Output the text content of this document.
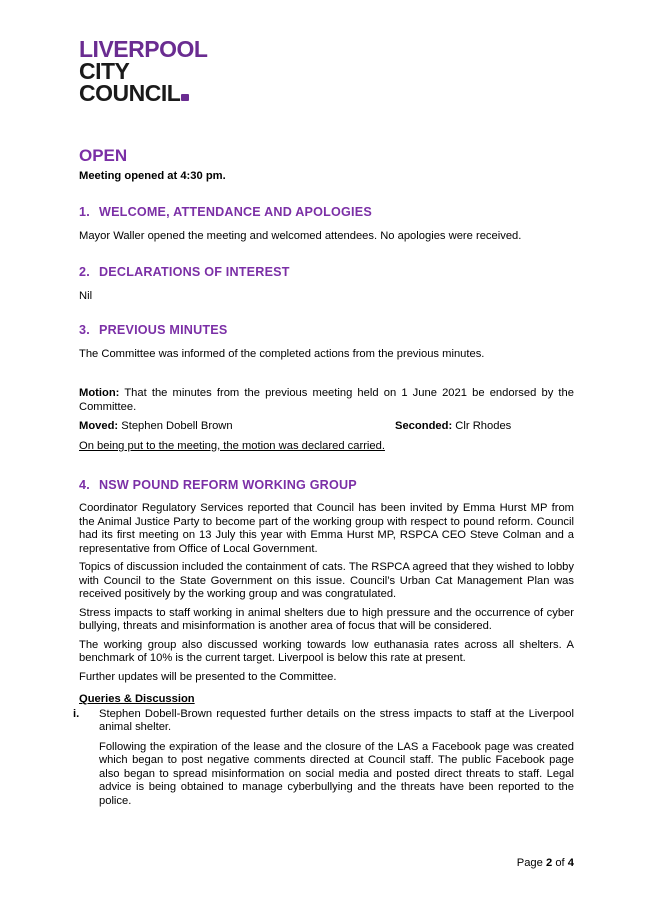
LIVERPOOL
CITY
COUNCIL
OPEN

Meeting opened at 4:30 pm.

1. WELCOME, ATTENDANCE AND APOLOGIES

Mayor Waller opened the meeting and welcomed attendees. No apologies were received.

2. DECLARATIONS OF INTEREST

Nil

3. PREVIOUS MINUTES

The Committee was informed of the completed actions from the previous minutes.

Motion: That the minutes from the previous meeting held on 1 June 2021 be endorsed by the Committee.

Moved: Stephen Dobell Brown	Seconded: Clr Rhodes

On being put to the meeting, the motion was declared carried.

4. NSW POUND REFORM WORKING GROUP

Coordinator Regulatory Services reported that Council has been invited by Emma Hurst MP from the Animal Justice Party to become part of the working group with respect to pound reform. Council had its first meeting on 13 July this year with Emma Hurst MP, RSPCA CEO Steve Colman and a representative from Office of Local Government.

Topics of discussion included the containment of cats. The RSPCA agreed that they wished to lobby with Council to the State Government on this issue. Council’s Urban Cat Management Plan was received positively by the working group and was congratulated.

Stress impacts to staff working in animal shelters due to high pressure and the occurrence of cyber bullying, threats and misinformation is another area of focus that will be considered.

The working group also discussed working towards low euthanasia rates across all shelters. A benchmark of 10% is the current target. Liverpool is below this rate at present.

Further updates will be presented to the Committee.

Queries & Discussion

i. Stephen Dobell-Brown requested further details on the stress impacts to staff at the Liverpool animal shelter.

Following the expiration of the lease and the closure of the LAS a Facebook page was created which began to post negative comments directed at Council staff. The public Facebook page also began to spread misinformation on social media and posted direct threats to staff. Legal advice is being obtained to manage cyberbullying and the threats have been reported to the police.

Page 2 of 4
